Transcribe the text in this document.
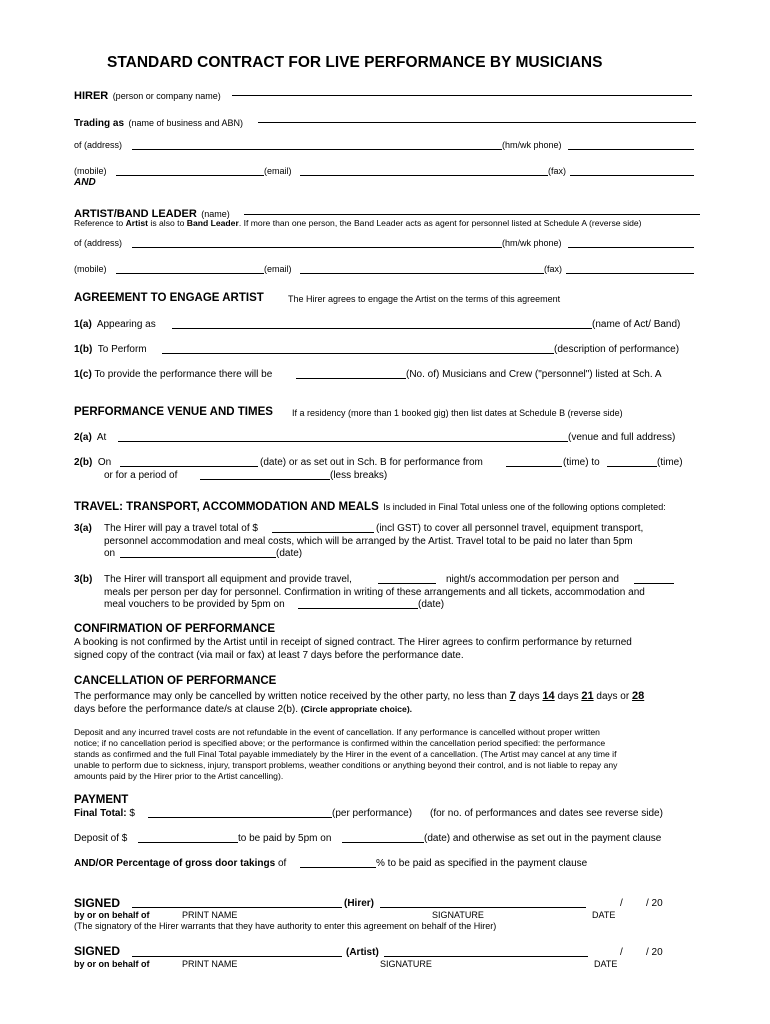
STANDARD CONTRACT FOR LIVE PERFORMANCE BY MUSICIANS
HIRER (person or company name)
Trading as (name of business and ABN)
of (address)	(hm/wk phone)
(mobile)	(email)	(fax)
AND
ARTIST/BAND LEADER (name)
Reference to Artist is also to Band Leader. If more than one person, the Band Leader acts as agent for personnel listed at Schedule A (reverse side)
of (address)	(hm/wk phone)
(mobile)	(email)	(fax)
AGREEMENT TO ENGAGE ARTIST	The Hirer agrees to engage the Artist on the terms of this agreement
1(a) Appearing as	(name of Act/ Band)
1(b) To Perform	(description of performance)
1(c) To provide the performance there will be	(No. of) Musicians and Crew ("personnel") listed at Sch. A
PERFORMANCE VENUE AND TIMES If a residency (more than 1 booked gig) then list dates at Schedule B (reverse side)
2(a) At	(venue and full address)
2(b) On	(date) or as set out in Sch. B for performance from	(time) to	(time)
or for a period of	(less breaks)
TRAVEL: TRANSPORT, ACCOMMODATION AND MEALS Is included in Final Total unless one of the following options completed:
3(a) The Hirer will pay a travel total of $	(incl GST) to cover all personnel travel, equipment transport,
personnel accommodation and meal costs, which will be arranged by the Artist. Travel total to be paid no later than 5pm
on	(date)
3(b) The Hirer will transport all equipment and provide travel,	night/s accommodation per person and
meals per person per day for personnel. Confirmation in writing of these arrangements and all tickets, accommodation and
meal vouchers to be provided by 5pm on	(date)
CONFIRMATION OF PERFORMANCE
A booking is not confirmed by the Artist until in receipt of signed contract. The Hirer agrees to confirm performance by returned
signed copy of the contract (via mail or fax) at least 7 days before the performance date.
CANCELLATION OF PERFORMANCE
The performance may only be cancelled by written notice received by the other party, no less than 7 days 14 days 21 days or 28
days before the performance date/s at clause 2(b). (Circle appropriate choice).
Deposit and any incurred travel costs are not refundable in the event of cancellation. If any performance is cancelled without proper written
notice; if no cancellation period is specified above; or the performance is confirmed within the cancellation period specified: the performance
stands as confirmed and the full Final Total payable immediately by the Hirer in the event of a cancellation. (The Artist may cancel at any time if
unable to perform due to sickness, injury, transport problems, weather conditions or anything beyond their control, and is not liable to repay any
amounts paid by the Hirer prior to the Artist cancelling).
PAYMENT
Final Total: $	(per performance) (for no. of performances and dates see reverse side)
Deposit of $	to be paid by 5pm on	(date) and otherwise as set out in the payment clause
AND/OR Percentage of gross door takings of	% to be paid as specified in the payment clause
SIGNED	(Hirer)	/ / 20
by or on behalf of	PRINT NAME	SIGNATURE	DATE
(The signatory of the Hirer warrants that they have authority to enter this agreement on behalf of the Hirer)
SIGNED	(Artist)	/ / 20
by or on behalf of	PRINT NAME	SIGNATURE	DATE
